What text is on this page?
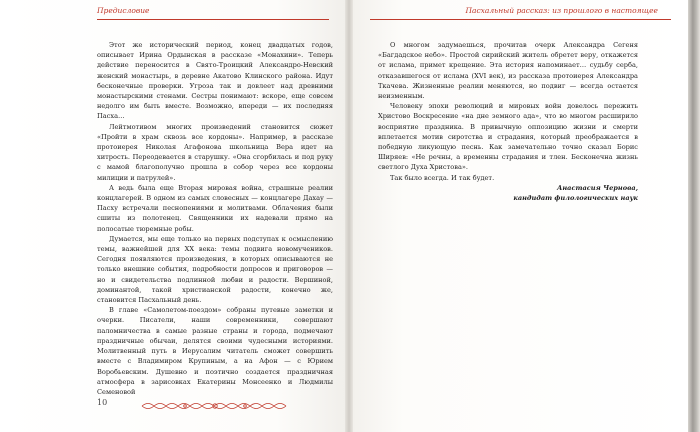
Предисловие

Этот же исторический период, конец двадцатых годов, описывает Ирина Ордынская в рассказе «Монахини». Теперь действие переносится в Свято-Троицкий Александро-Невский женский монастырь, в деревне Акатово Клинского района. Идут бесконечные проверки. Угроза так и довлеет над древними монастырскими стенами. Сестры понимают: вскоре, еще совсем недолго им быть вместе. Возможно, впереди — их последняя Пасха…

Лейтмотивом многих произведений становится сюжет «Пройти в храм сквозь все кордоны». Например, в рассказе протоиерея Николая Агафонова школьница Вера идет на хитрость. Переодевается в старушку. «Она сгорбилась и под руку с мамой благополучно прошла в собор через все кордоны милиции и патрулей».

А ведь была еще Вторая мировая война, страшные реалии концлагерей. В одном из самых словесных — концлагере Дахау — Пасху встречали песнопениями и молитвами. Облачения были сшиты из полотенец. Священники их надевали прямо на полосатые тюремные робы.

Думается, мы еще только на первых подступах к осмыслению темы, важнейшей для ХХ века: темы подвига новомучеников. Сегодня появляются произведения, в которых описываются не только внешние события, подробности допросов и приговоров — но и свидетельства подлинной любви и радости. Вершиной, доминантой, такой христианской радости, конечно же, становится Пасхальный день.

В главе «Самолетом-поездом» собраны путевые заметки и очерки. Писатели, наши современники, совершают паломничества в самые разные страны и города, подмечают праздничные обычаи, делятся своими чудесными историями. Молитвенный путь в Иерусалим читатель сможет совершить вместе с Владимиром Крупиным, а на Афон — с Юрием Воробьевским. Душевно и поэтично создается праздничная атмосфера в зарисовках Екатерины Монсеенко и Людмилы Семеновой

10
Пасхальный рассказ: из прошлого в настоящее

О многом задумаешься, прочитав очерк Александра Сегеня «Багдадское небо». Простой сирийский житель обретет веру, откажется от ислама, примет крещение. Эта история напоминает… судьбу серба, отказавшегося от ислама (XVI век), из рассказа протоиерея Александра Ткачева. Жизненные реалии меняются, но подвиг — всегда остается неизменным.

Человеку эпохи революций и мировых войн довелось пережить Христово Воскресение «на дне земного ада», что во многом расширило восприятие праздника. В привычную оппозицию жизни и смерти вплетается мотив сиротства и страдания, который преображается в победную ликующую песнь. Как замечательно точно сказал Борис Ширяев: «Не речны, а временны страдания и тлен. Бесконечна жизнь светлого Духа Христова».

Так было всегда. И так будет.

Анастасия Чернова,
кандидат филологических наук
